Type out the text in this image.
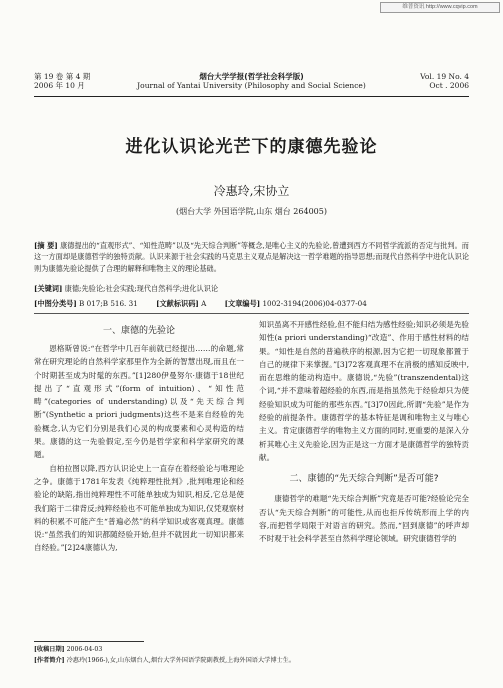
维普资讯 http://www.cqvip.com
第 19 卷 第 4 期
2006 年 10 月
烟台大学学报(哲学社会科学版)
Journal of Yantai University (Philosophy and Social Science)
Vol. 19 No. 4
Oct . 2006
进化认识论光芒下的康德先验论
冷惠玲,宋协立
(烟台大学 外国语学院,山东 烟台 264005)

[摘 要] 康德提出的“直观形式”、“知性范畴”以及“先天综合判断”等概念,是唯心主义的先验论,曾遭到西方不同哲学流派的否定与批判。而这一方面却是康德哲学的独特贡献。认识来源于社会实践的马克思主义观点是解决这一哲学难题的指导思想;而现代自然科学中进化认识论则为康德先验论提供了合理的解释和唯物主义的理论基础。

[关键词] 康德;先验论;社会实践;现代自然科学;进化认识论
[中图分类号] B 017;B 516. 31	[文献标识码] A	[文章编号] 1002-3194(2006)04-0377-04
一、康德的先验论

恩格斯曾说:“在哲学中几百年前就已经提出……的命题,常常在研究理论的自然科学家那里作为全新的智慧出现,而且在一个时期甚至成为时髦的东西。”[1]280伊曼努尔·康德于18世纪提出了“直观形式”(form of intuition)、“知性范畴”(categories of understanding)以及“先天综合判断”(Synthetic a priori judgments)这些不是来自经验的先验概念,认为它们分别是我们心灵的构成要素和心灵构造的结果。康德的这一先验假定,至今仍是哲学家和科学家研究的课题。

自柏拉图以降,西方认识论史上一直存在着经验论与唯理论之争。康德于1781年发表《纯粹理性批判》,批判唯理论和经验论的缺陷,指出纯粹理性不可能单独成为知识,相反,它总是使我们陷于二律背反;纯粹经验也不可能单独成为知识,仅凭观察材料的积累不可能产生“普遍必然”的科学知识或客观真理。康德说:“虽然我们的知识都随经验开始,但并不就因此一切知识都来自经验。”[2]24康德认为,

知识虽离不开感性经验,但不能归结为感性经验;知识必须是先验知性(a priori understanding)“改造”、作用于感性材料的结果。“知性是自然的普遍秩序的根源,因为它把一切现象都置于自己的规律下来掌握。”[3]72客观真理不在消极的感知反映中,而在思维的能动构造中。康德说,“先验”(transzendental)这个词,“并不意味着超经验的东西,而是指虽然先于经验却只为使经验知识成为可能的那些东西。”[3]70因此,所谓“先验”是作为经验的前提条件。康德哲学的基本特征是调和唯物主义与唯心主义。肯定康德哲学的唯物主义方面的同时,更重要的是深入分析其唯心主义先验论,因为正是这一方面才是康德哲学的独特贡献。

二、康德的“先天综合判断”是否可能?

康德哲学的难题“先天综合判断”究竟是否可能?经验论完全否认“先天综合判断”的可能性,从而也拒斥传统形而上学的内容,而把哲学局限于对语言的研究。然而,“回到康德”的呼声却不时观于社会科学甚至自然科学理论领域。研究康德哲学的

[收稿日期] 2006-04-03
[作者简介] 冷惠玲(1966-),女,山东烟台人,烟台大学外国语学院副教授,上海外国语大学博士生。
